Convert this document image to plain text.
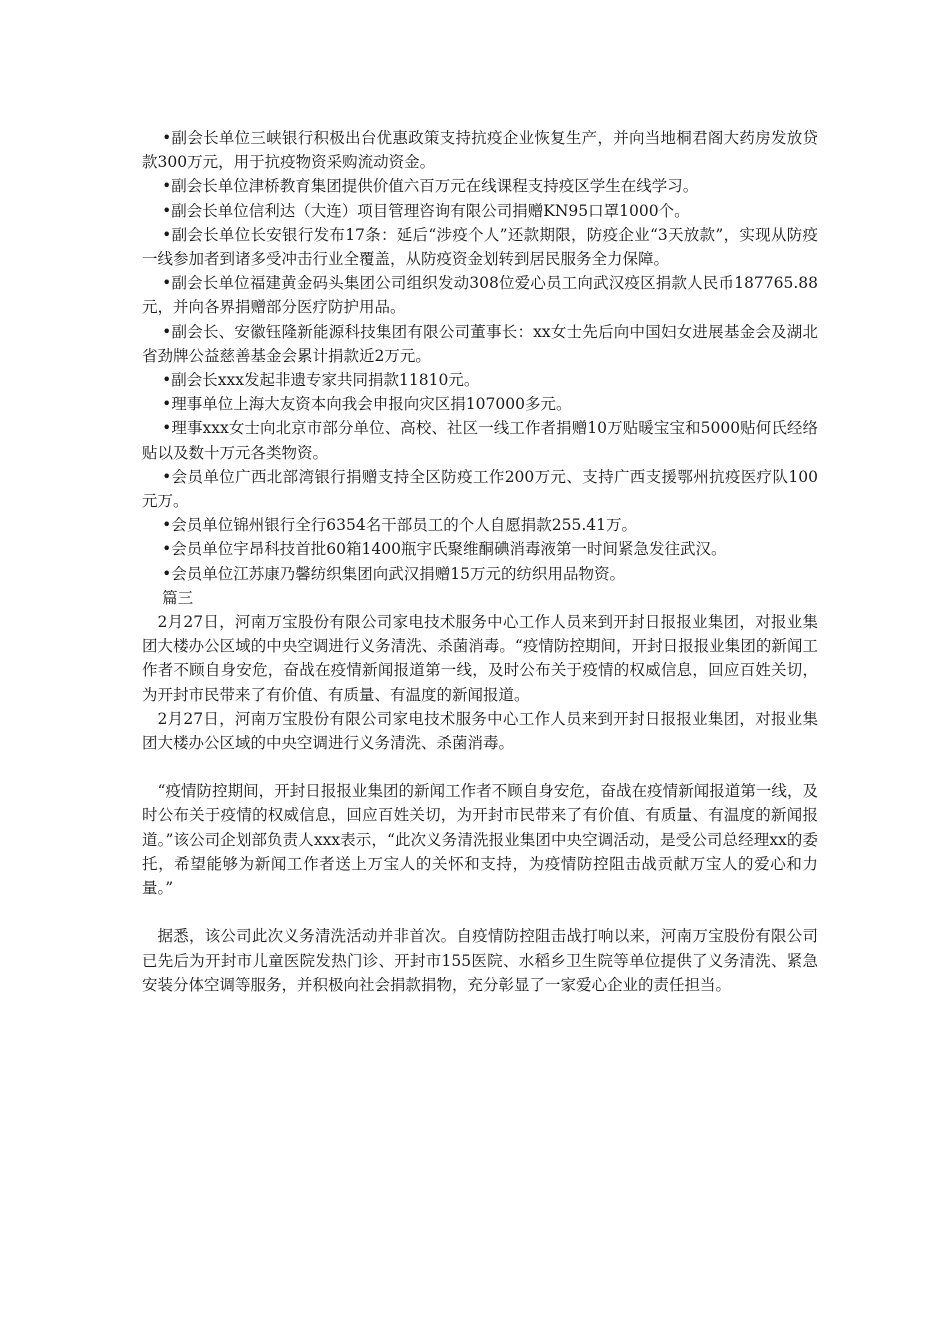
•副会长单位三峡银行积极出台优惠政策支持抗疫企业恢复生产，并向当地桐君阁大药房发放贷款300万元，用于抗疫物资采购流动资金。

•副会长单位津桥教育集团提供价值六百万元在线课程支持疫区学生在线学习。

•副会长单位信利达（大连）项目管理咨询有限公司捐赠KN95口罩1000个。

•副会长单位长安银行发布17条：延后“涉疫个人”还款期限，防疫企业“3天放款”，实现从防疫一线参加者到诸多受冲击行业全覆盖，从防疫资金划转到居民服务全力保障。

•副会长单位福建黄金码头集团公司组织发动308位爱心员工向武汉疫区捐款人民币187765.88元，并向各界捐赠部分医疗防护用品。

•副会长、安徽钰隆新能源科技集团有限公司董事长：xx女士先后向中国妇女进展基金会及湖北省劲牌公益慈善基金会累计捐款近2万元。

•副会长xxx发起非遗专家共同捐款11810元。

•理事单位上海大友资本向我会申报向灾区捐107000多元。

•理事xxx女士向北京市部分单位、高校、社区一线工作者捐赠10万贴暖宝宝和5000贴何氏经络贴以及数十万元各类物资。

•会员单位广西北部湾银行捐赠支持全区防疫工作200万元、支持广西支援鄂州抗疫医疗队100元万。

•会员单位锦州银行全行6354名干部员工的个人自愿捐款255.41万。

•会员单位宇昂科技首批60箱1400瓶宇氏聚维酮碘消毒液第一时间紧急发往武汉。

•会员单位江苏康乃馨纺织集团向武汉捐赠15万元的纺织用品物资。

篇三

2月27日，河南万宝股份有限公司家电技术服务中心工作人员来到开封日报报业集团，对报业集团大楼办公区域的中央空调进行义务清洗、杀菌消毒。“疫情防控期间，开封日报报业集团的新闻工作者不顾自身安危，奋战在疫情新闻报道第一线，及时公布关于疫情的权威信息，回应百姓关切，为开封市民带来了有价值、有质量、有温度的新闻报道。

2月27日，河南万宝股份有限公司家电技术服务中心工作人员来到开封日报报业集团，对报业集团大楼办公区域的中央空调进行义务清洗、杀菌消毒。

“疫情防控期间，开封日报报业集团的新闻工作者不顾自身安危，奋战在疫情新闻报道第一线，及时公布关于疫情的权威信息，回应百姓关切，为开封市民带来了有价值、有质量、有温度的新闻报道。”该公司企划部负责人xxx表示，“此次义务清洗报业集团中央空调活动，是受公司总经理xx的委托，希望能够为新闻工作者送上万宝人的关怀和支持，为疫情防控阻击战贡献万宝人的爱心和力量。”

据悉，该公司此次义务清洗活动并非首次。自疫情防控阻击战打响以来，河南万宝股份有限公司已先后为开封市儿童医院发热门诊、开封市155医院、水稻乡卫生院等单位提供了义务清洗、紧急安装分体空调等服务，并积极向社会捐款捐物，充分彰显了一家爱心企业的责任担当。
